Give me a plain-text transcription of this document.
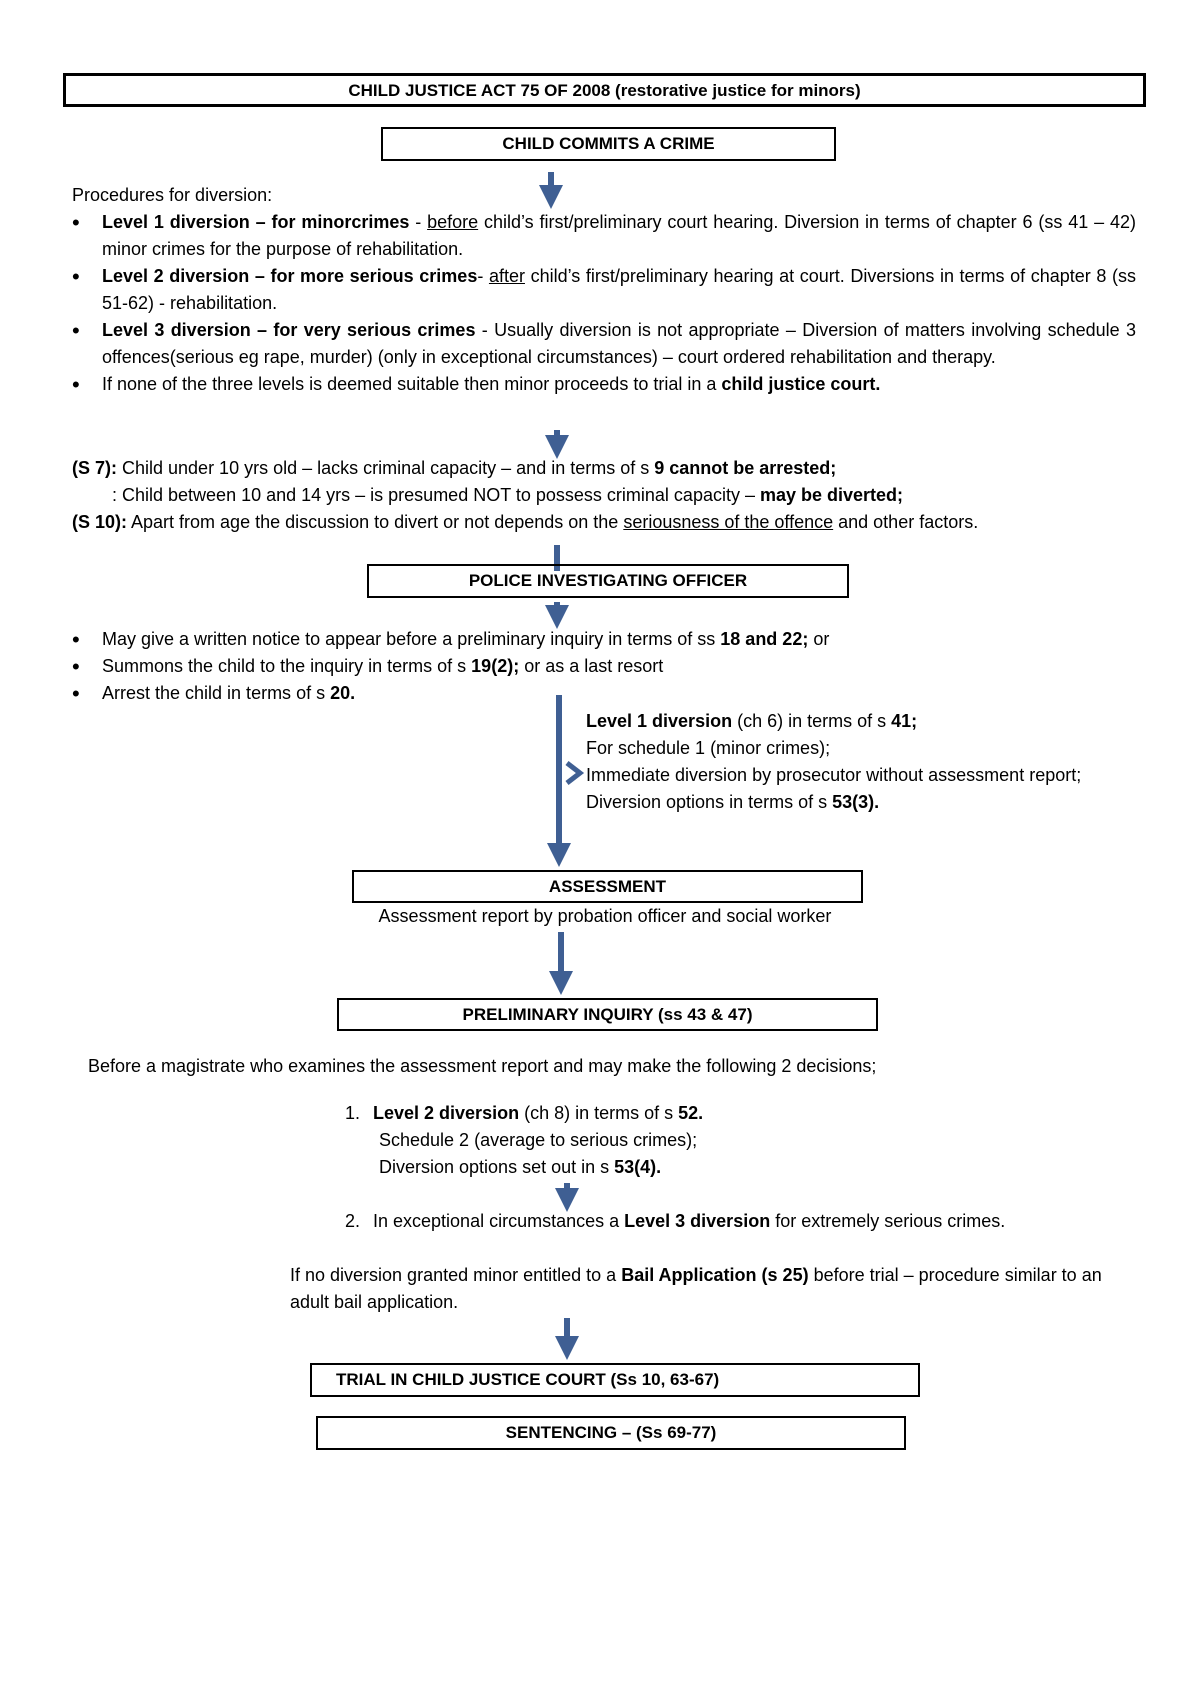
CHILD JUSTICE ACT 75 OF 2008 (restorative justice for minors)
CHILD COMMITS A CRIME
Procedures for diversion:
• Level 1 diversion – for minorcrimes - before child’s first/preliminary court hearing. Diversion in terms of chapter 6 (ss 41 – 42) minor crimes for the purpose of rehabilitation.
• Level 2 diversion – for more serious crimes- after child’s first/preliminary hearing at court. Diversions in terms of chapter 8 (ss 51-62) - rehabilitation.
• Level 3 diversion – for very serious crimes - Usually diversion is not appropriate – Diversion of matters involving schedule 3 offences(serious eg rape, murder) (only in exceptional circumstances) – court ordered rehabilitation and therapy.
• If none of the three levels is deemed suitable then minor proceeds to trial in a child justice court.
(S 7): Child under 10 yrs old – lacks criminal capacity – and in terms of s 9 cannot be arrested;
: Child between 10 and 14 yrs – is presumed NOT to possess criminal capacity – may be diverted;
(S 10): Apart from age the discussion to divert or not depends on the seriousness of the offence and other factors.
POLICE INVESTIGATING OFFICER
• May give a written notice to appear before a preliminary inquiry in terms of ss 18 and 22; or
• Summons the child to the inquiry in terms of s 19(2); or as a last resort
• Arrest the child in terms of s 20.
Level 1 diversion (ch 6) in terms of s 41;
For schedule 1 (minor crimes);
Immediate diversion by prosecutor without assessment report;
Diversion options in terms of s 53(3).
ASSESSMENT
Assessment report by probation officer and social worker
PRELIMINARY INQUIRY (ss 43 & 47)
Before a magistrate who examines the assessment report and may make the following 2 decisions;
1. Level 2 diversion (ch 8) in terms of s 52.
Schedule 2 (average to serious crimes);
Diversion options set out in s 53(4).
2. In exceptional circumstances a Level 3 diversion for extremely serious crimes.
If no diversion granted minor entitled to a Bail Application (s 25) before trial – procedure similar to an adult bail application.
TRIAL IN CHILD JUSTICE COURT (Ss 10, 63-67)
SENTENCING – (Ss 69-77)
